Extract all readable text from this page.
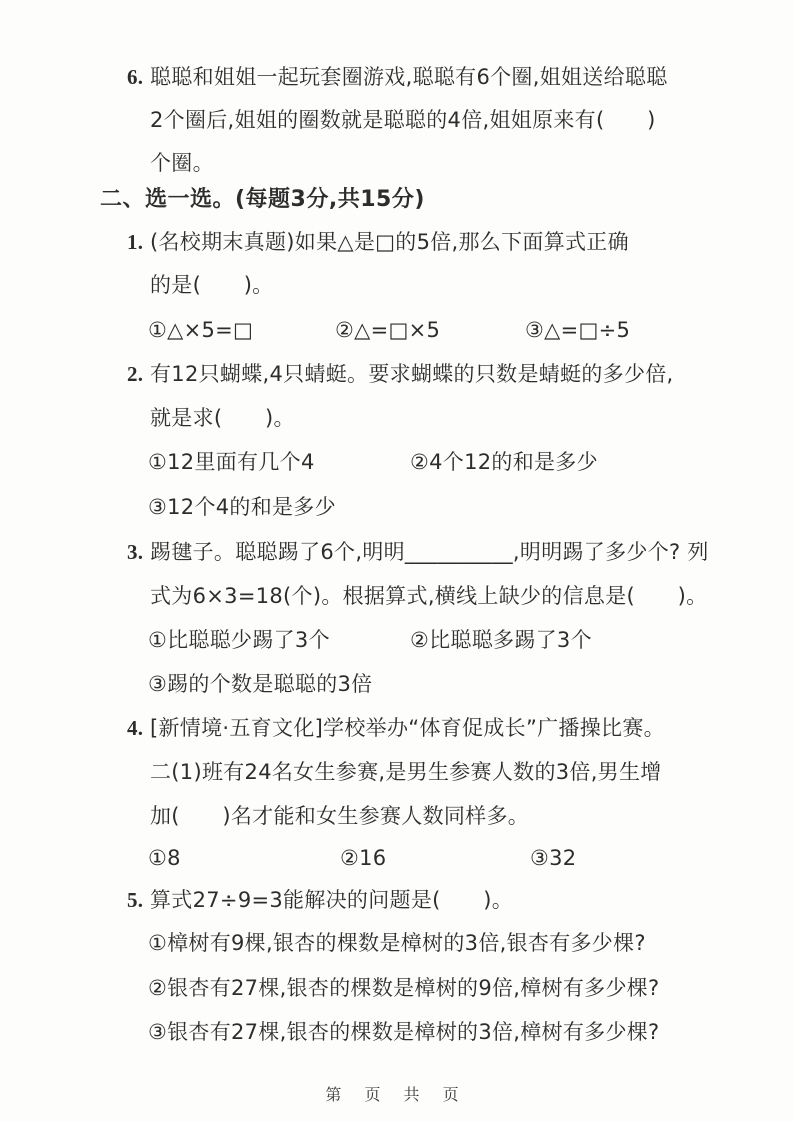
6. 聪聪和姐姐一起玩套圈游戏,聪聪有6个圈,姐姐送给聪聪
2个圈后,姐姐的圈数就是聪聪的4倍,姐姐原来有(　　)
个圈。
二、选一选。(每题3分,共15分)
1. (名校期末真题)如果△是□的5倍,那么下面算式正确
的是(　　)。
①△×5=□	②△=□×5	③△=□÷5
2. 有12只蝴蝶,4只蜻蜓。要求蝴蝶的只数是蜻蜓的多少倍,
就是求(　　)。
①12里面有几个4	②4个12的和是多少
③12个4的和是多少
3. 踢毽子。聪聪踢了6个,明明__________,明明踢了多少个? 列
式为6×3=18(个)。根据算式,横线上缺少的信息是(　　)。
①比聪聪少踢了3个	②比聪聪多踢了3个
③踢的个数是聪聪的3倍
4. [新情境·五育文化]学校举办“体育促成长”广播操比赛。
二(1)班有24名女生参赛,是男生参赛人数的3倍,男生增
加(　　)名才能和女生参赛人数同样多。
①8	②16	③32
5. 算式27÷9=3能解决的问题是(　　)。
①樟树有9棵,银杏的棵数是樟树的3倍,银杏有多少棵?
②银杏有27棵,银杏的棵数是樟树的9倍,樟树有多少棵?
③银杏有27棵,银杏的棵数是樟树的3倍,樟树有多少棵?
第 页 共 页
